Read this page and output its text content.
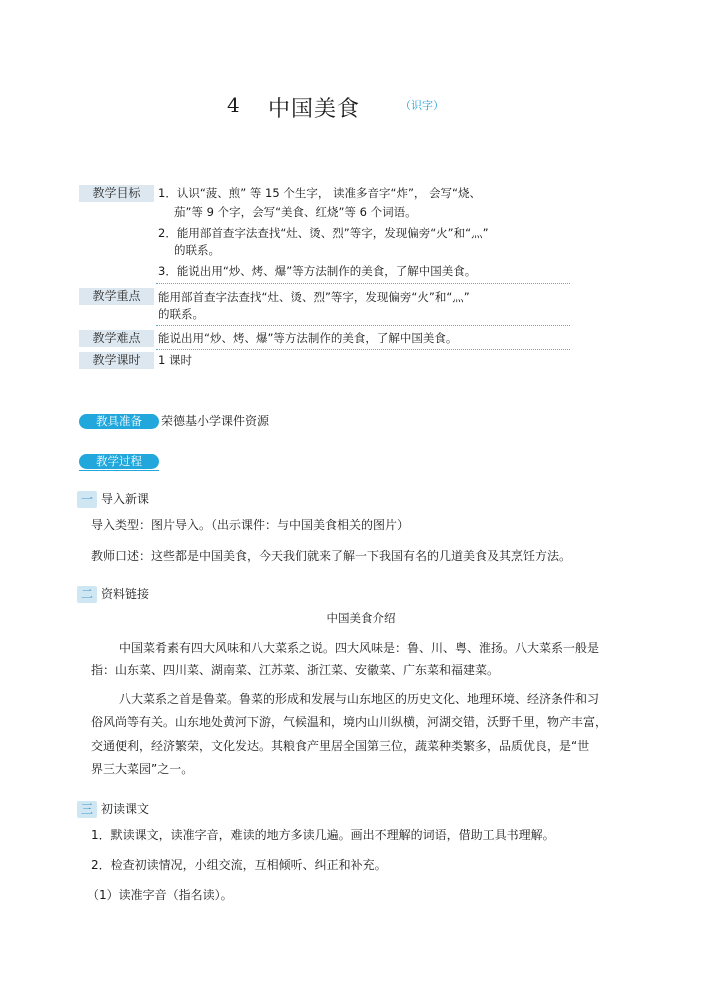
4 中国美食	（识字）
教学目标	1．认识“菠、煎” 等 15 个生字， 读准多音字“炸”， 会写“烧、
茄”等 9 个字，会写“美食、红烧”等 6 个词语。
2．能用部首查字法查找“灶、烫、烈”等字，发现偏旁“火”和“灬”
的联系。
3．能说出用“炒、烤、爆”等方法制作的美食，了解中国美食。
教学重点	能用部首查字法查找“灶、烫、烈”等字，发现偏旁“火”和“灬”
的联系。
教学难点	能说出用“炒、烤、爆”等方法制作的美食，了解中国美食。
教学课时	1 课时
教具准备	荣德基小学课件资源
教学过程
一 导入新课
导入类型：图片导入。（出示课件：与中国美食相关的图片）
教师口述：这些都是中国美食，今天我们就来了解一下我国有名的几道美食及其烹饪方法。
二 资料链接
中国美食介绍
中国菜肴素有四大风味和八大菜系之说。四大风味是：鲁、川、粤、淮扬。八大菜系一般是
指：山东菜、四川菜、湖南菜、江苏菜、浙江菜、安徽菜、广东菜和福建菜。
八大菜系之首是鲁菜。鲁菜的形成和发展与山东地区的历史文化、地理环境、经济条件和习
俗风尚等有关。山东地处黄河下游，气候温和，境内山川纵横，河湖交错，沃野千里，物产丰富，
交通便利，经济繁荣，文化发达。其粮食产里居全国第三位，蔬菜种类繁多，品质优良，是“世
界三大菜园”之一。
三 初读课文
1．默读课文，读准字音，难读的地方多读几遍。画出不理解的词语，借助工具书理解。
2．检查初读情况，小组交流，互相倾听、纠正和补充。
（1）读准字音（指名读）。
